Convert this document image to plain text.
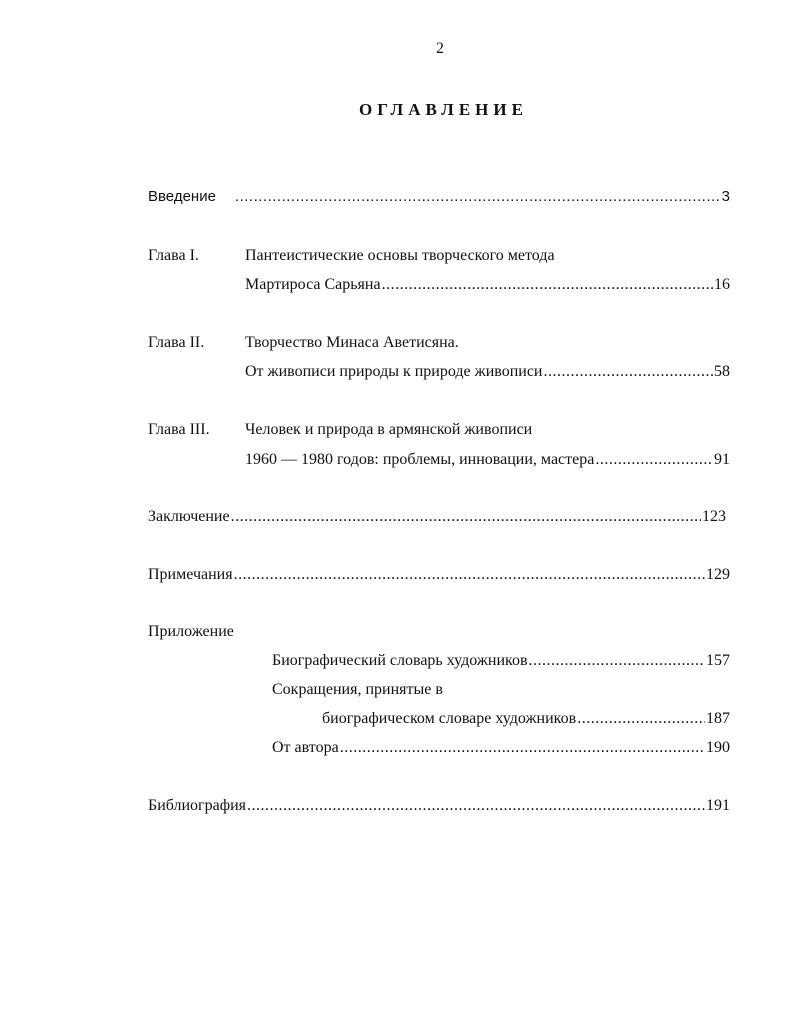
2
ОГЛАВЛЕНИЕ
Введение .....	3
Глава I.	Пантеистические основы творческого метода
Мартироса Сарьяна .....	16
Глава II.	Творчество Минаса Аветисяна.
От живописи природы к природе живописи .....	58
Глава III. Человек и природа в армянской живописи
1960 — 1980 годов: проблемы, инновации, мастера .....	91
Заключение .....	123
Примечания .....	129
Приложение
Биографический словарь художников .....	157
Сокращения, принятые в
биографическом словаре художников .....	187
От автора .....	190
Библиография .....	191
